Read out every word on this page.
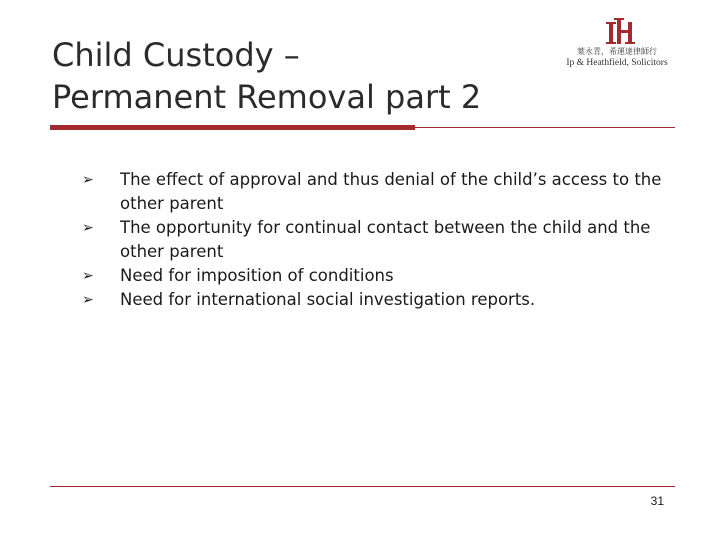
Child Custody –
Permanent Removal part 2
葉永青，希運達律師行
Ip & Heathfield, Solicitors
➢ The effect of approval and thus denial of the child’s access to the other parent
➢ The opportunity for continual contact between the child and the other parent
➢ Need for imposition of conditions
➢ Need for international social investigation reports.
31
